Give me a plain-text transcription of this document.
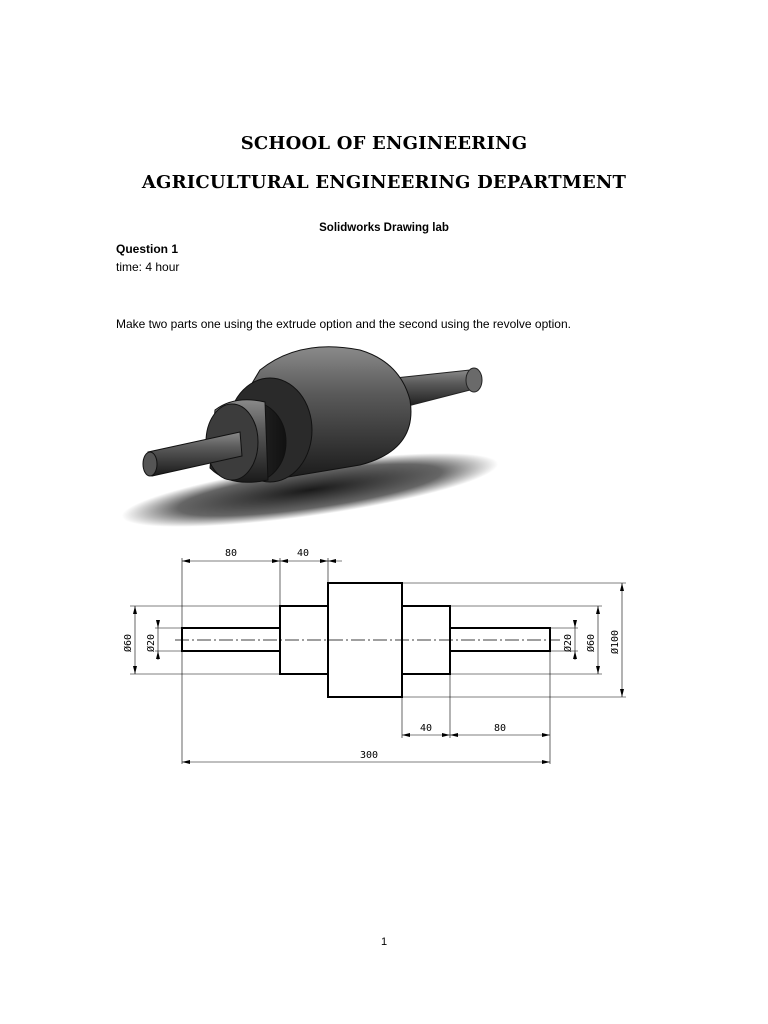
SCHOOL OF ENGINEERING
AGRICULTURAL ENGINEERING DEPARTMENT
Solidworks Drawing lab
Question 1
time: 4 hour
Make two parts one using the extrude option and the second using the revolve option.
80	40
40	80
300
Ø60 Ø20	Ø20 Ø60 Ø100
1
